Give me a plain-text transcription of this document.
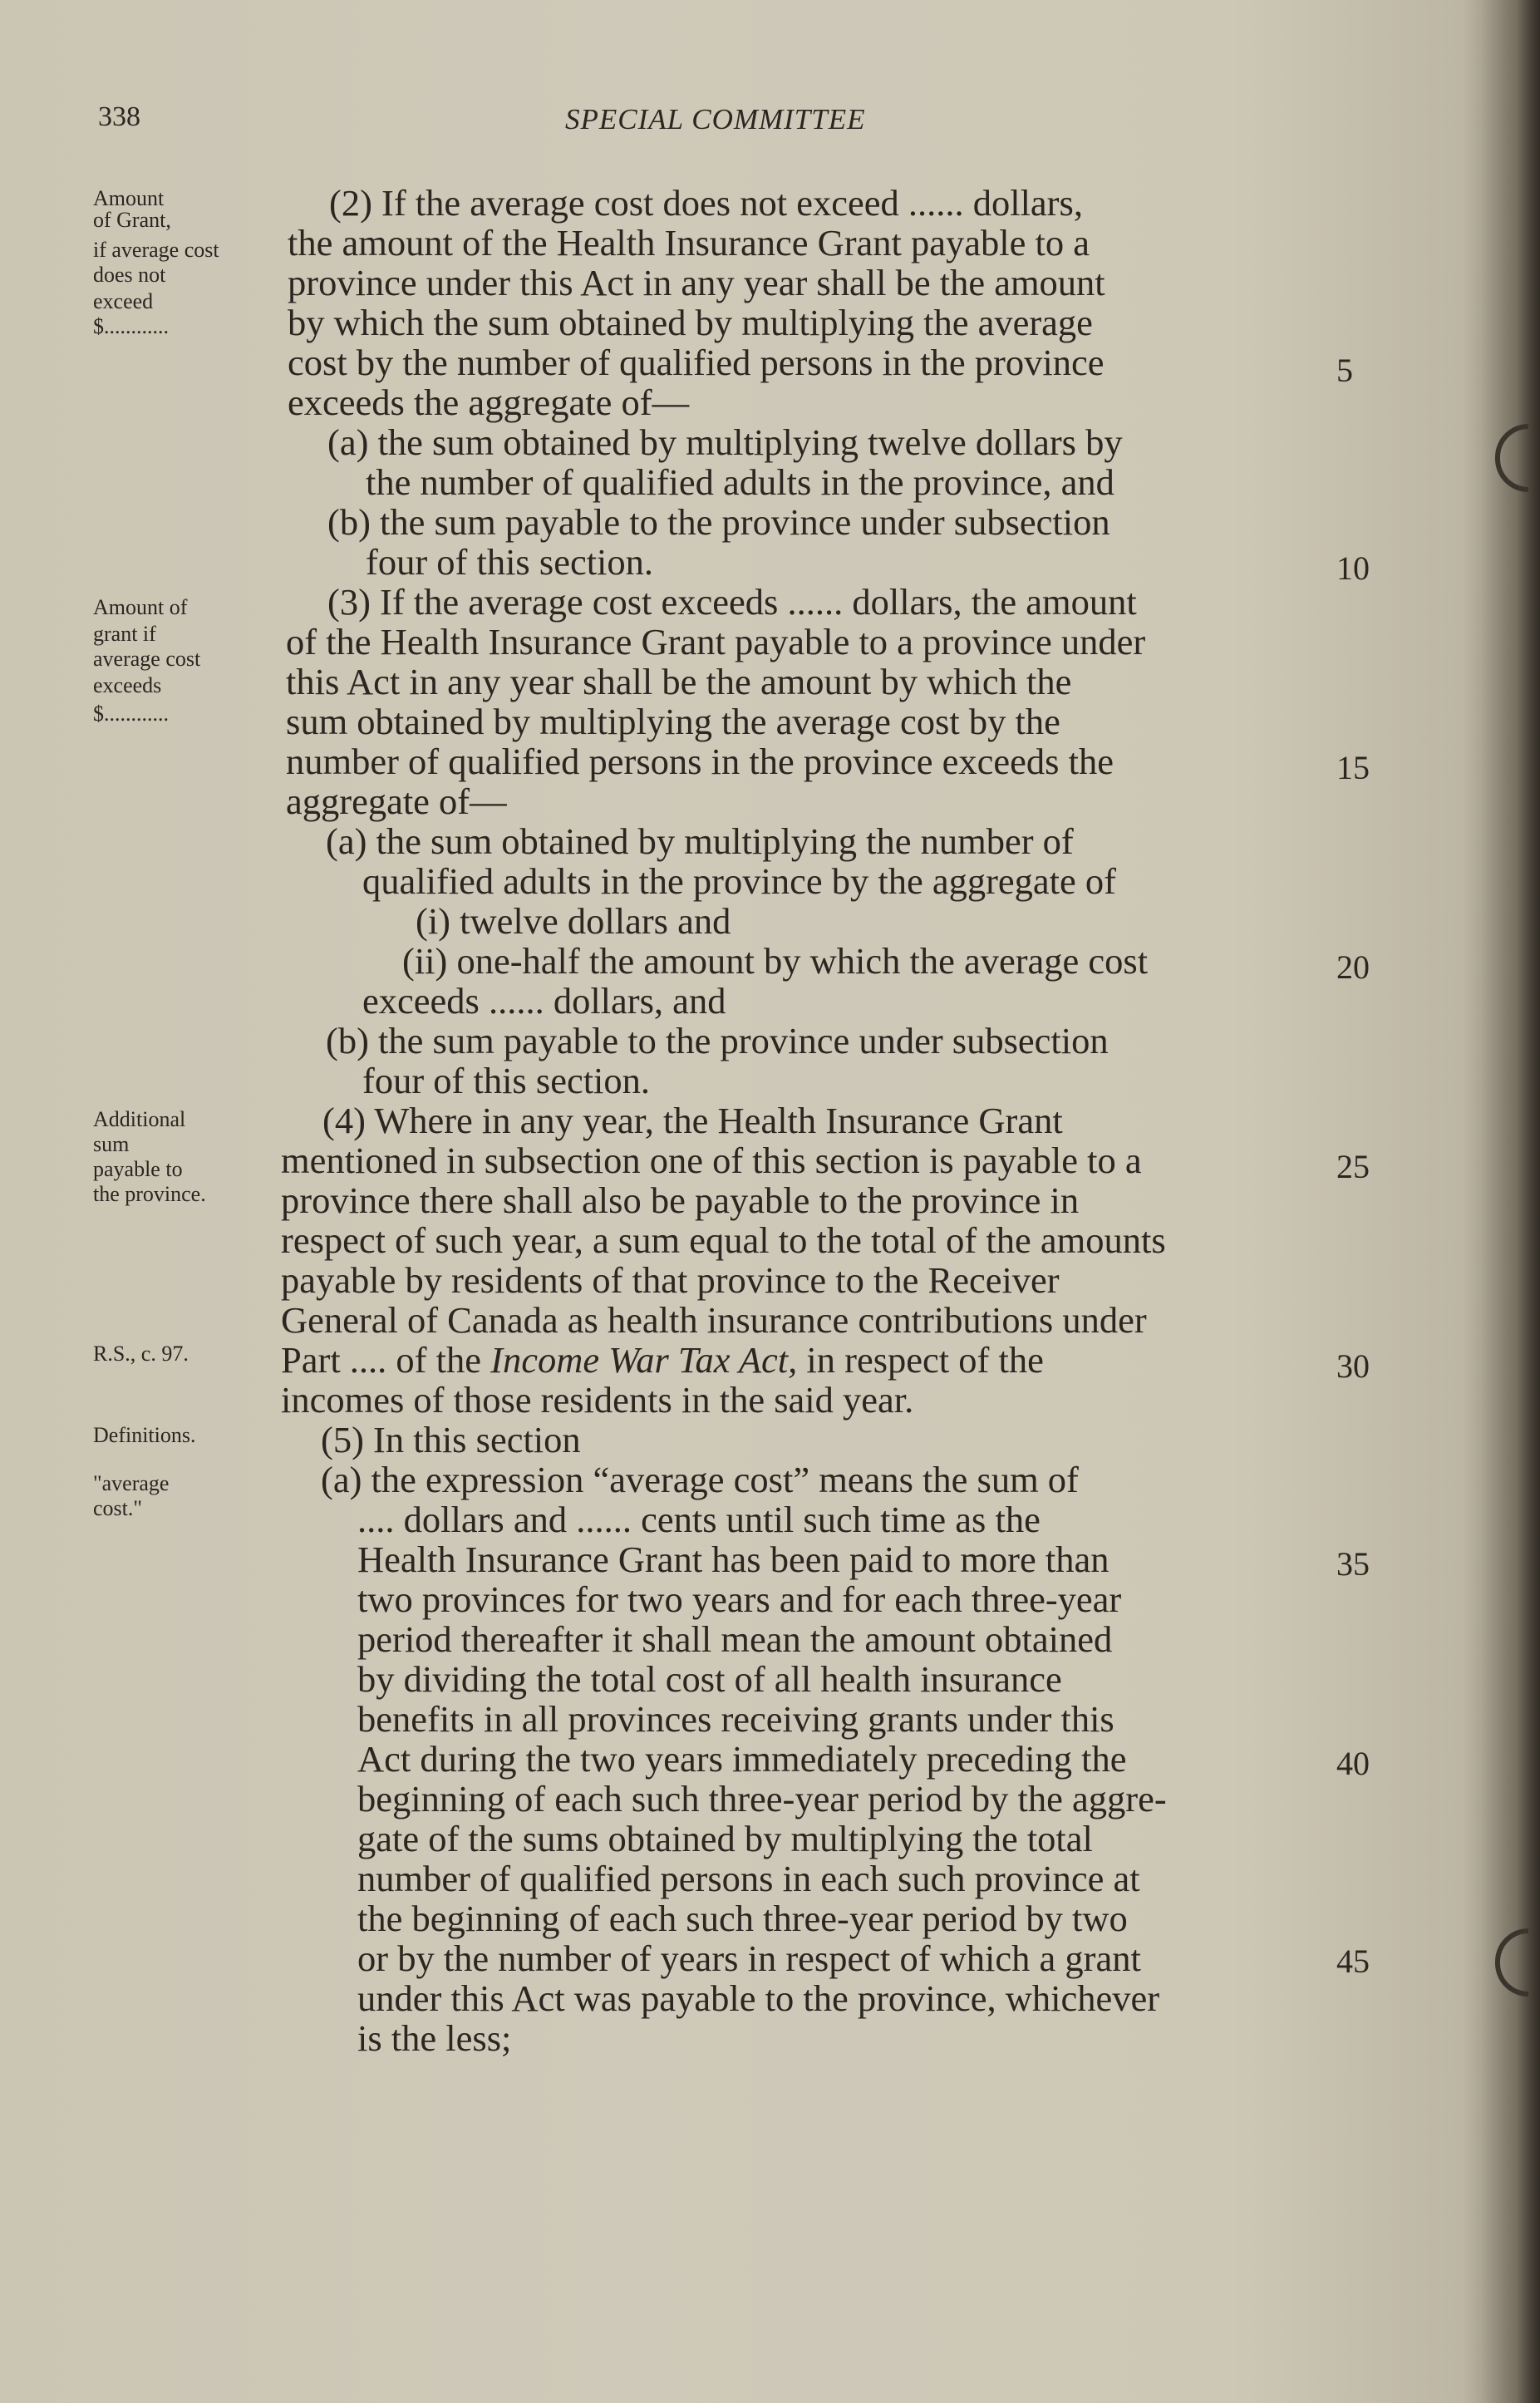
338	SPECIAL COMMITTEE
Amount
of Grant,
if average cost
does not
exceed
$............
Amount of
grant if
average cost
exceeds
$............
Additional
sum
payable to
the province.
R.S., c. 97.
Definitions.
"average
cost."
(2) If the average cost does not exceed ...... dollars,
the amount of the Health Insurance Grant payable to a
province under this Act in any year shall be the amount
by which the sum obtained by multiplying the average
cost by the number of qualified persons in the province
exceeds the aggregate of—
(a) the sum obtained by multiplying twelve dollars by
the number of qualified adults in the province, and
(b) the sum payable to the province under subsection
four of this section.
(3) If the average cost exceeds ...... dollars, the amount
of the Health Insurance Grant payable to a province under
this Act in any year shall be the amount by which the
sum obtained by multiplying the average cost by the
number of qualified persons in the province exceeds the
aggregate of—
(a) the sum obtained by multiplying the number of
qualified adults in the province by the aggregate of
(i) twelve dollars and
(ii) one-half the amount by which the average cost
exceeds ...... dollars, and
(b) the sum payable to the province under subsection
four of this section.
(4) Where in any year, the Health Insurance Grant
mentioned in subsection one of this section is payable to a
province there shall also be payable to the province in
respect of such year, a sum equal to the total of the amounts
payable by residents of that province to the Receiver
General of Canada as health insurance contributions under
Part .... of the Income War Tax Act, in respect of the
incomes of those residents in the said year.
(5) In this section
(a) the expression “average cost” means the sum of
.... dollars and ...... cents until such time as the
Health Insurance Grant has been paid to more than
two provinces for two years and for each three-year
period thereafter it shall mean the amount obtained
by dividing the total cost of all health insurance
benefits in all provinces receiving grants under this
Act during the two years immediately preceding the
beginning of each such three-year period by the aggre-
gate of the sums obtained by multiplying the total
number of qualified persons in each such province at
the beginning of each such three-year period by two
or by the number of years in respect of which a grant
under this Act was payable to the province, whichever
is the less;
5
10
15
20
25
30
35
40
45
